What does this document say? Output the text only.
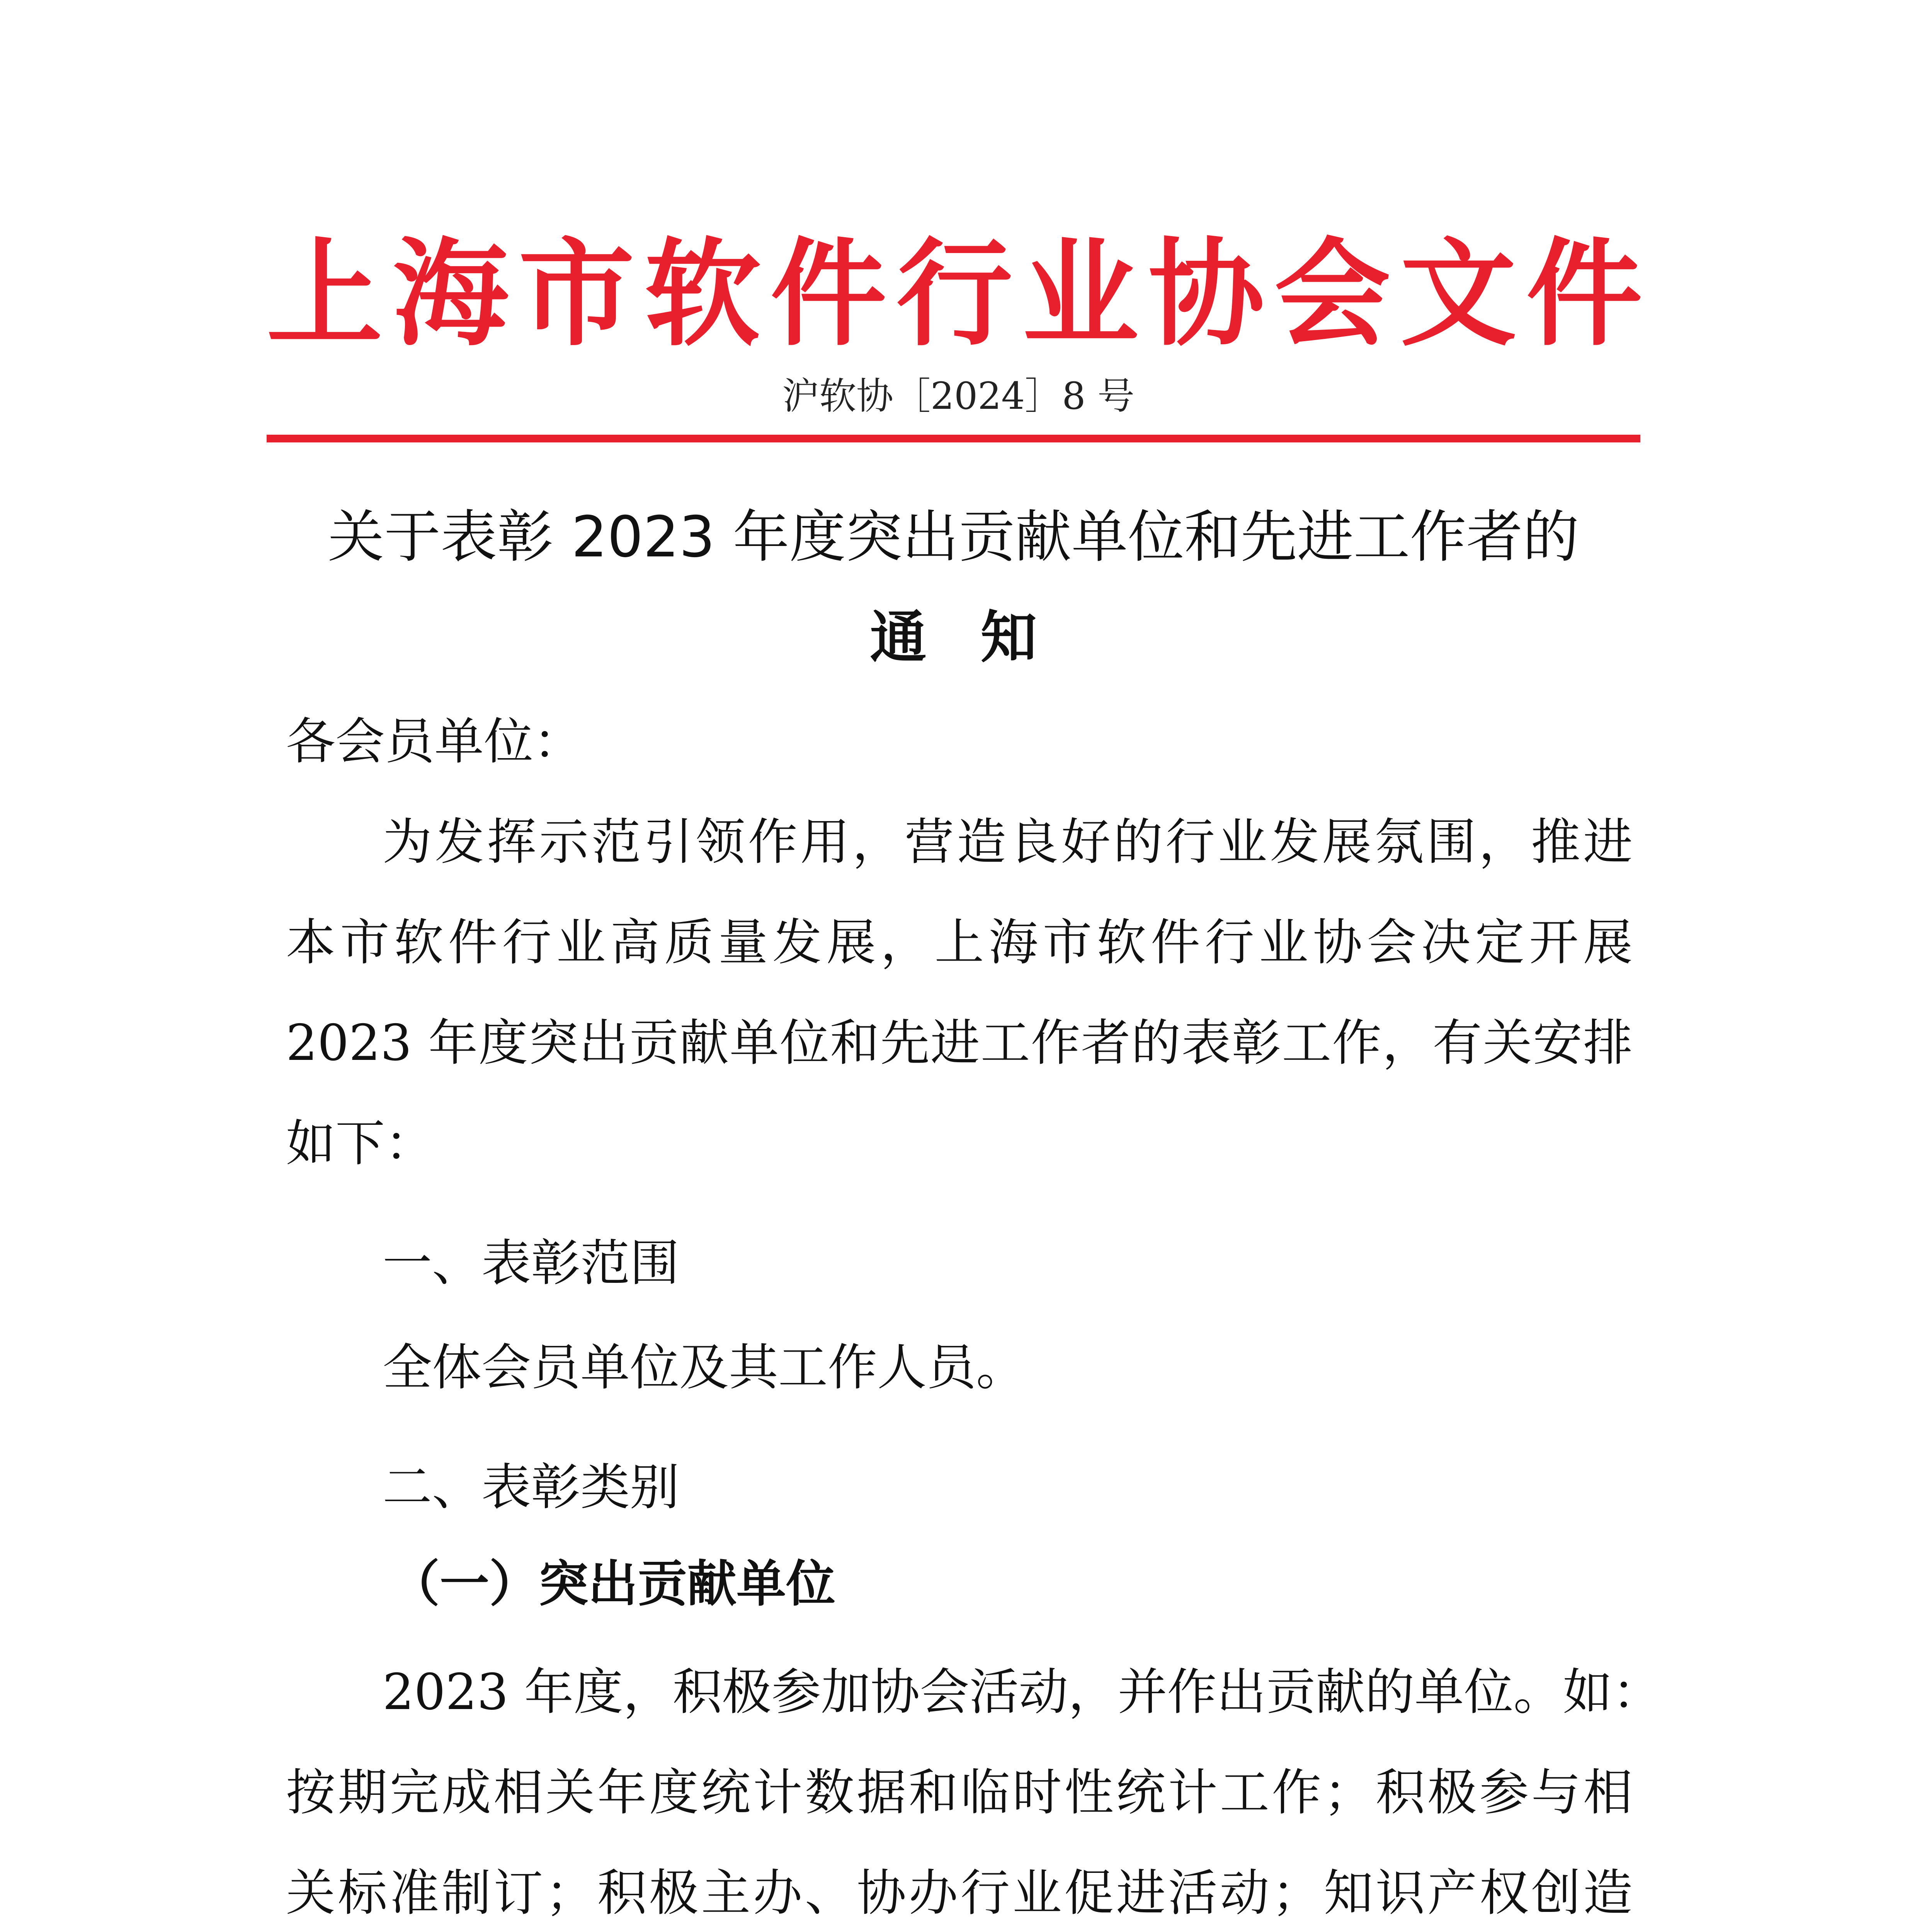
上海市软件行业协会文件
沪软协［2024］8 号
关于表彰 2023 年度突出贡献单位和先进工作者的
通知
各会员单位：
为发挥示范引领作用，营造良好的行业发展氛围，推进
本市软件行业高质量发展，上海市软件行业协会决定开展
2023 年度突出贡献单位和先进工作者的表彰工作，有关安排
如下：
一、表彰范围
全体会员单位及其工作人员。
二、表彰类别
（一）突出贡献单位
2023 年度，积极参加协会活动，并作出贡献的单位。如：
按期完成相关年度统计数据和临时性统计工作；积极参与相
关标准制订；积极主办、协办行业促进活动；知识产权创造
